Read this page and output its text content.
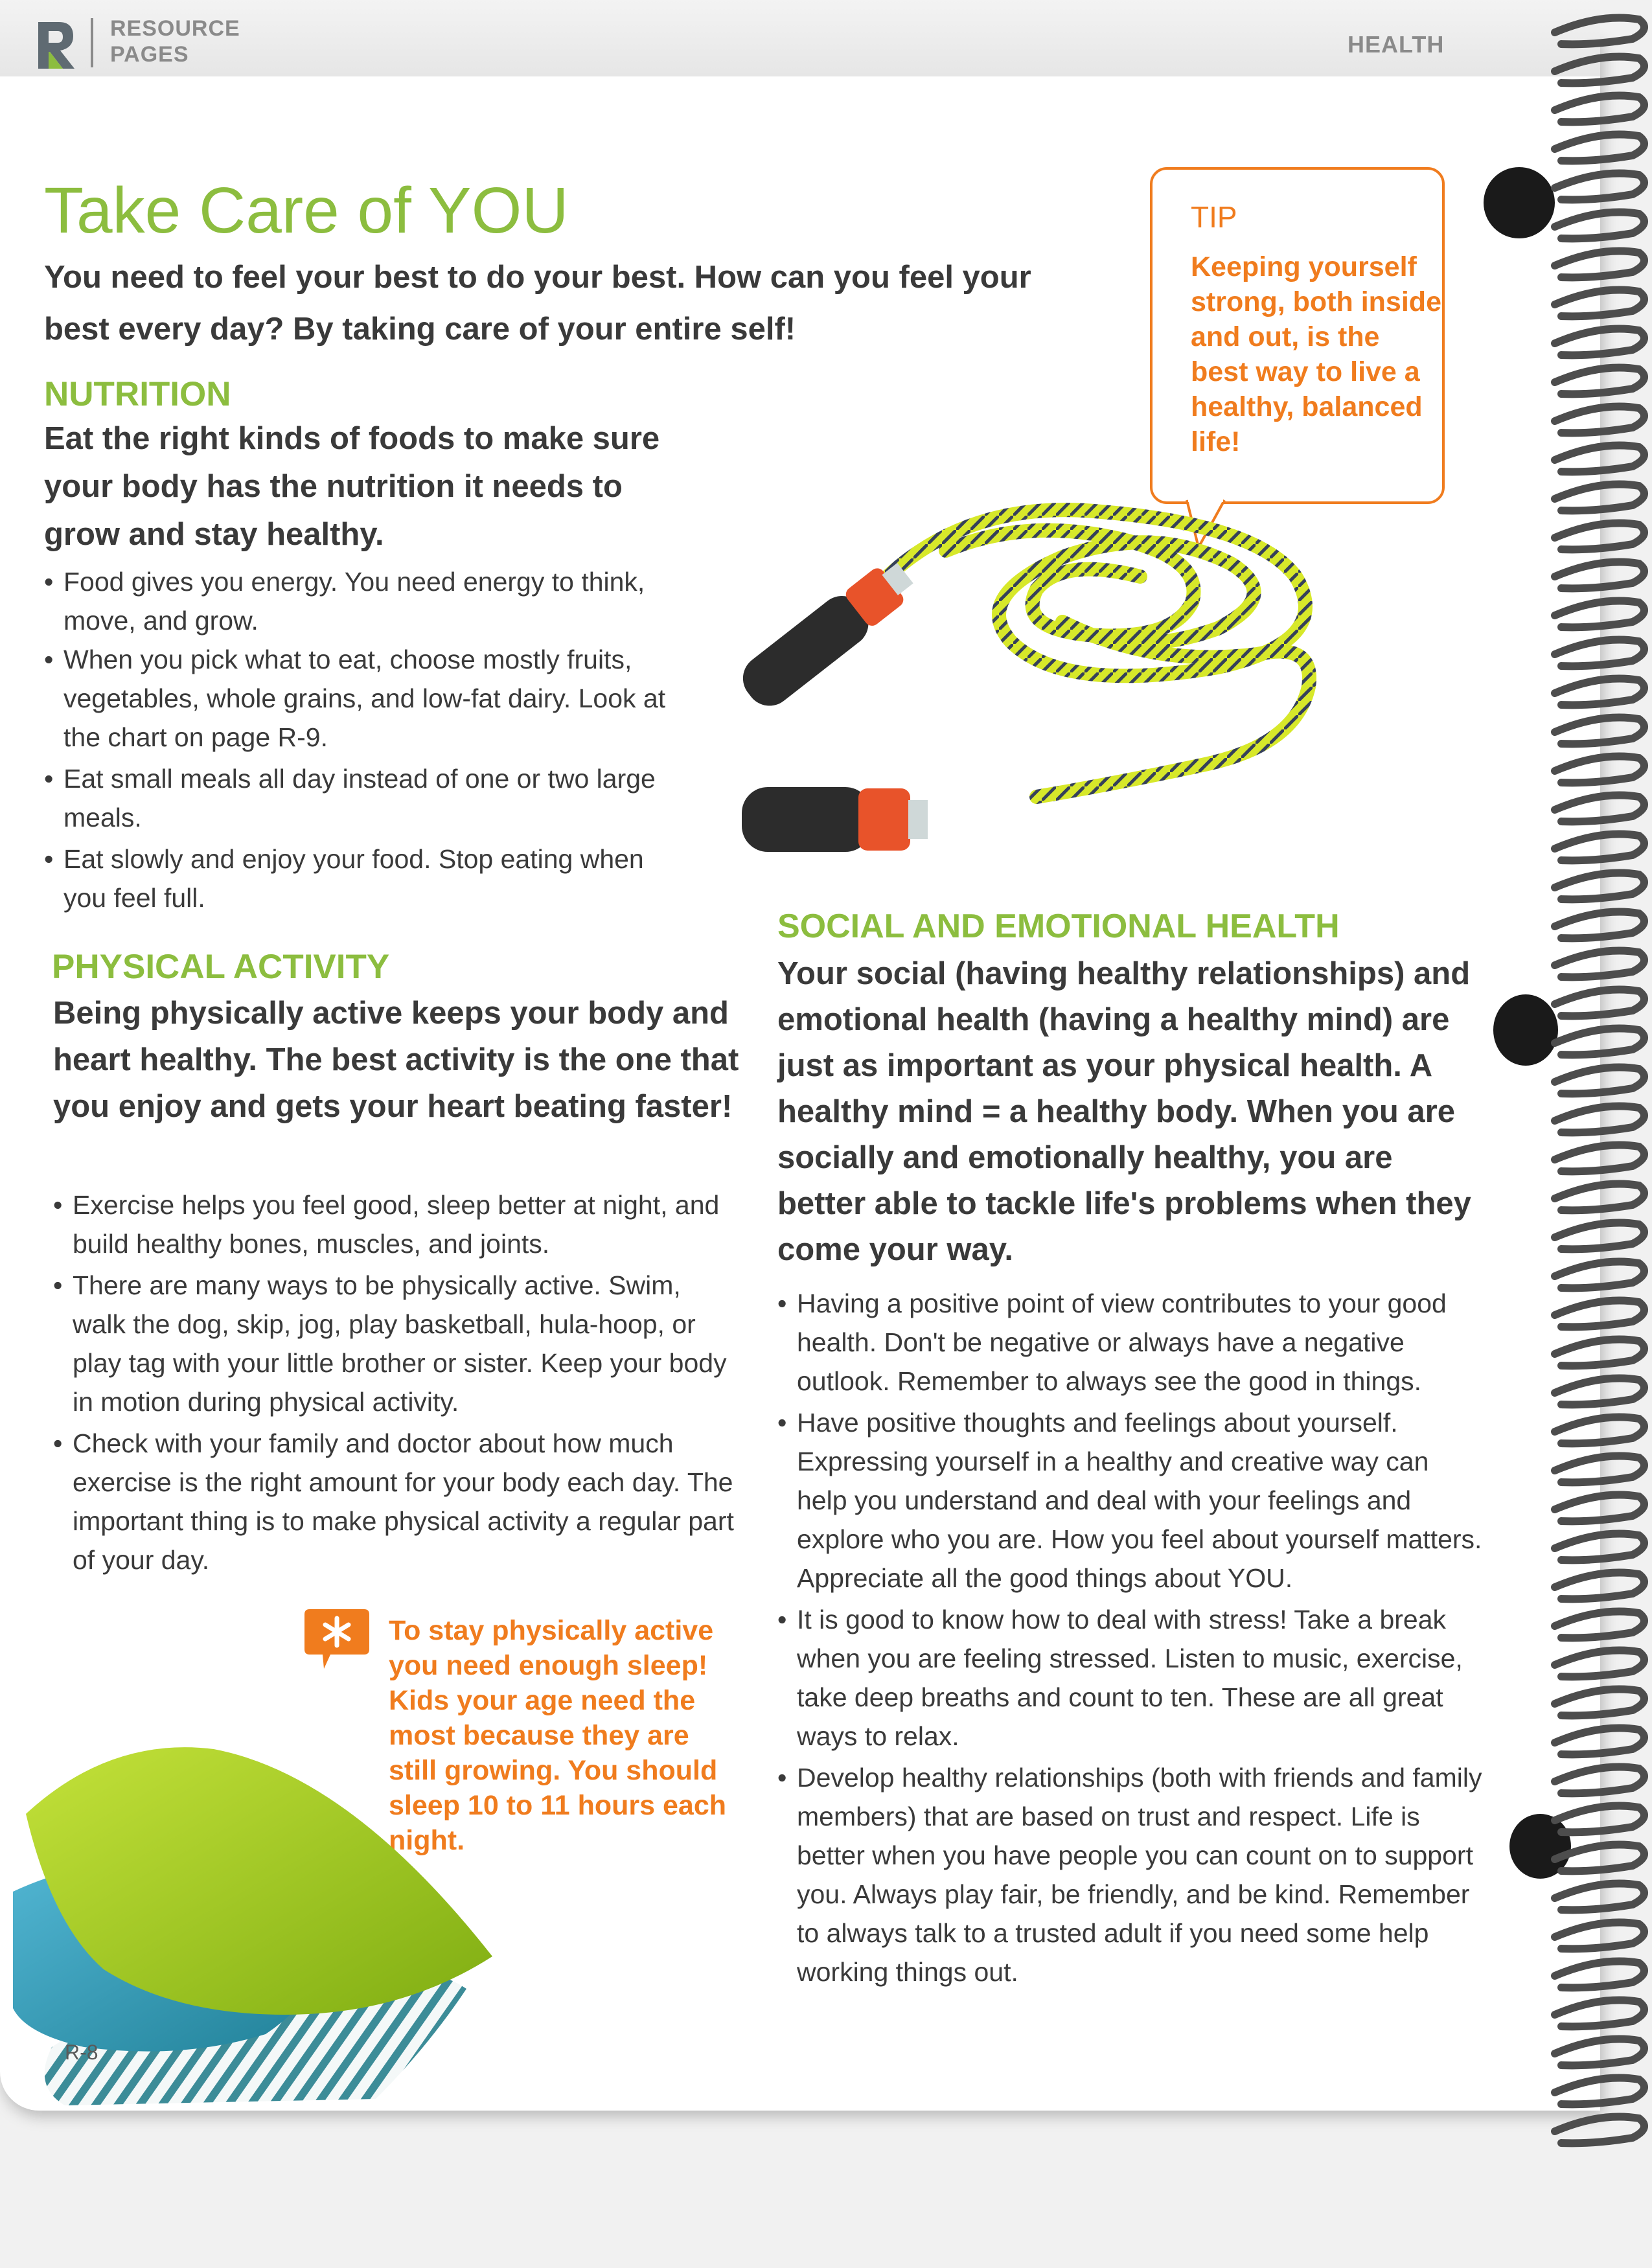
RESOURCE PAGES	HEALTH
Take Care of YOU
You need to feel your best to do your best. How can you feel your best every day? By taking care of your entire self!
TIP
Keeping yourself strong, both inside and out, is the best way to live a healthy, balanced life!
NUTRITION
Eat the right kinds of foods to make sure your body has the nutrition it needs to grow and stay healthy.
• Food gives you energy. You need energy to think, move, and grow.
• When you pick what to eat, choose mostly fruits, vegetables, whole grains, and low-fat dairy. Look at the chart on page R-9.
• Eat small meals all day instead of one or two large meals.
• Eat slowly and enjoy your food. Stop eating when you feel full.
PHYSICAL ACTIVITY
Being physically active keeps your body and heart healthy. The best activity is the one that you enjoy and gets your heart beating faster!
• Exercise helps you feel good, sleep better at night, and build healthy bones, muscles, and joints.
• There are many ways to be physically active. Swim, walk the dog, skip, jog, play basketball, hula-hoop, or play tag with your little brother or sister. Keep your body in motion during physical activity.
• Check with your family and doctor about how much exercise is the right amount for your body each day. The important thing is to make physical activity a regular part of your day.
To stay physically active you need enough sleep! Kids your age need the most because they are still growing. You should sleep 10 to 11 hours each night.
R-8
SOCIAL AND EMOTIONAL HEALTH
Your social (having healthy relationships) and emotional health (having a healthy mind) are just as important as your physical health. A healthy mind = a healthy body. When you are socially and emotionally healthy, you are better able to tackle life's problems when they come your way.
• Having a positive point of view contributes to your good health. Don't be negative or always have a negative outlook. Remember to always see the good in things.
• Have positive thoughts and feelings about yourself. Expressing yourself in a healthy and creative way can help you understand and deal with your feelings and explore who you are. How you feel about yourself matters. Appreciate all the good things about YOU.
• It is good to know how to deal with stress! Take a break when you are feeling stressed. Listen to music, exercise, take deep breaths and count to ten. These are all great ways to relax.
• Develop healthy relationships (both with friends and family members) that are based on trust and respect. Life is better when you have people you can count on to support you. Always play fair, be friendly, and be kind. Remember to always talk to a trusted adult if you need some help working things out.
